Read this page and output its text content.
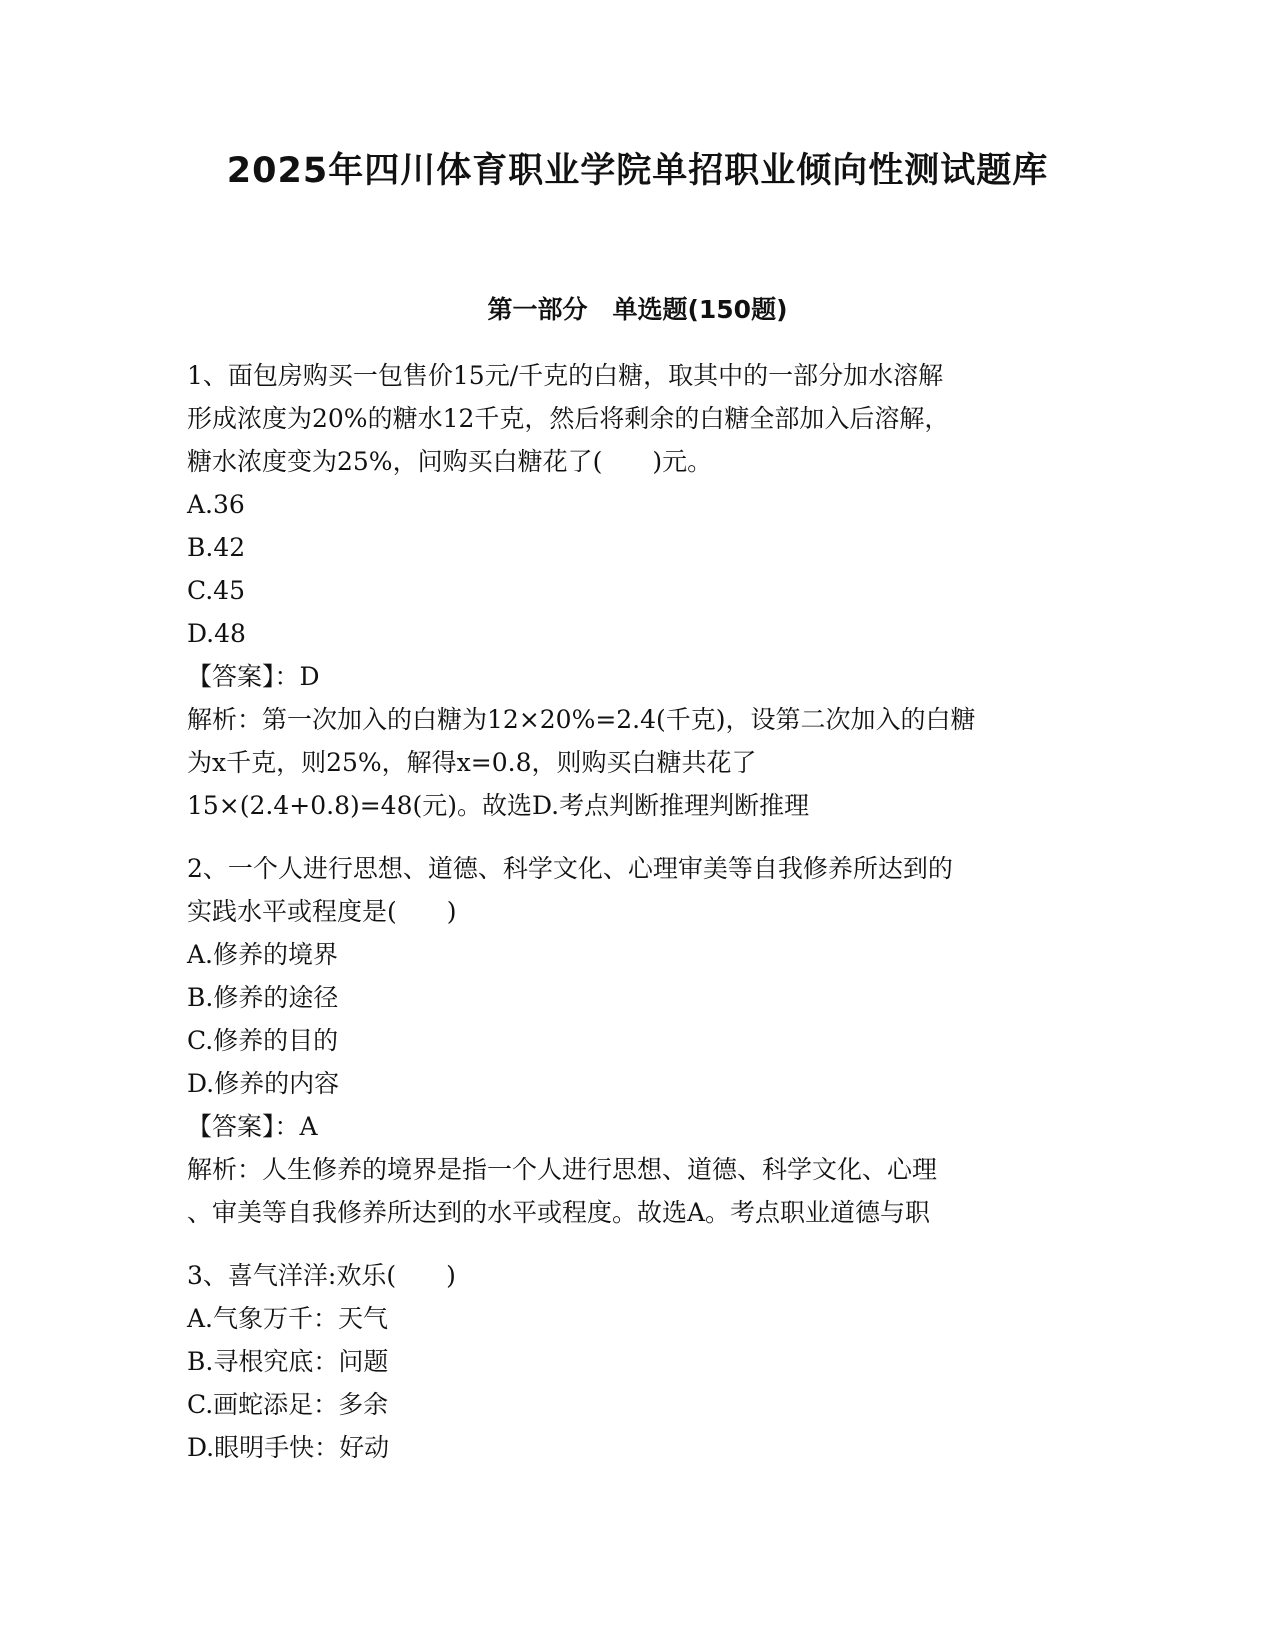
2025年四川体育职业学院单招职业倾向性测试题库
第一部分　单选题(150题)

1、面包房购买一包售价15元/千克的白糖，取其中的一部分加水溶解

形成浓度为20%的糖水12千克，然后将剩余的白糖全部加入后溶解，

糖水浓度变为25%，问购买白糖花了(　　)元。

A.36

B.42

C.45

D.48

【答案】：D

解析：第一次加入的白糖为12×20%=2.4(千克)，设第二次加入的白糖

为x千克，则25%，解得x=0.8，则购买白糖共花了

15×(2.4+0.8)=48(元)。故选D.考点判断推理判断推理

2、一个人进行思想、道德、科学文化、心理审美等自我修养所达到的

实践水平或程度是(　　)

A.修养的境界

B.修养的途径

C.修养的目的

D.修养的内容

【答案】：A

解析：人生修养的境界是指一个人进行思想、道德、科学文化、心理

、审美等自我修养所达到的水平或程度。故选A。考点职业道德与职

3、喜气洋洋:欢乐(　　)

A.气象万千：天气

B.寻根究底：问题

C.画蛇添足：多余

D.眼明手快：好动
